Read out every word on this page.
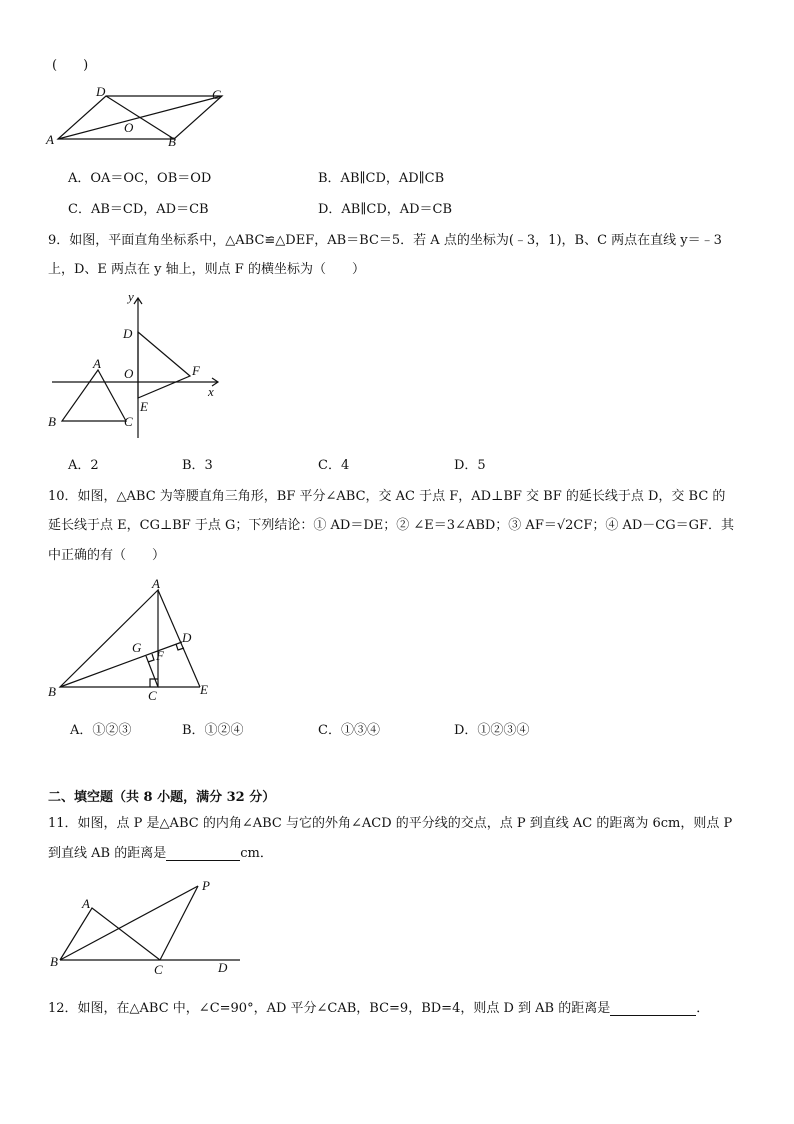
(　　)
D	C
A	B
O
A．OA＝OC，OB＝OD	B．AB∥CD，AD∥CB
C．AB＝CD，AD＝CB	D．AB∥CD，AD＝CB
9．如图，平面直角坐标系中，△ABC≌△DEF，AB＝BC＝5．若 A 点的坐标为(﹣3，1)，B、C 两点在直线 y＝﹣3
上，D、E 两点在 y 轴上，则点 F 的横坐标为（　　）
y
x
D
A
O	F
E
B	C
A．2	B．3	C．4	D．5
10．如图，△ABC 为等腰直角三角形，BF 平分∠ABC，交 AC 于点 F，AD⊥BF 交 BF 的延长线于点 D，交 BC 的
延长线于点 E，CG⊥BF 于点 G；下列结论：① AD＝DE；② ∠E＝3∠ABD；③ AF＝√2CF；④ AD－CG＝GF．其
中正确的有（　　）
A
D
G
F
B	C	E
A．①②③	B．①②④	C．①③④	D．①②③④
二、填空题（共 8 小题，满分 32 分）
11．如图，点 P 是△ABC 的内角∠ABC 与它的外角∠ACD 的平分线的交点，点 P 到直线 AC 的距离为 6cm，则点 P
到直线 AB 的距离是	cm．
P
A
B
C	D
12．如图，在△ABC 中，∠C=90°，AD 平分∠CAB，BC=9，BD=4，则点 D 到 AB 的距离是	．
